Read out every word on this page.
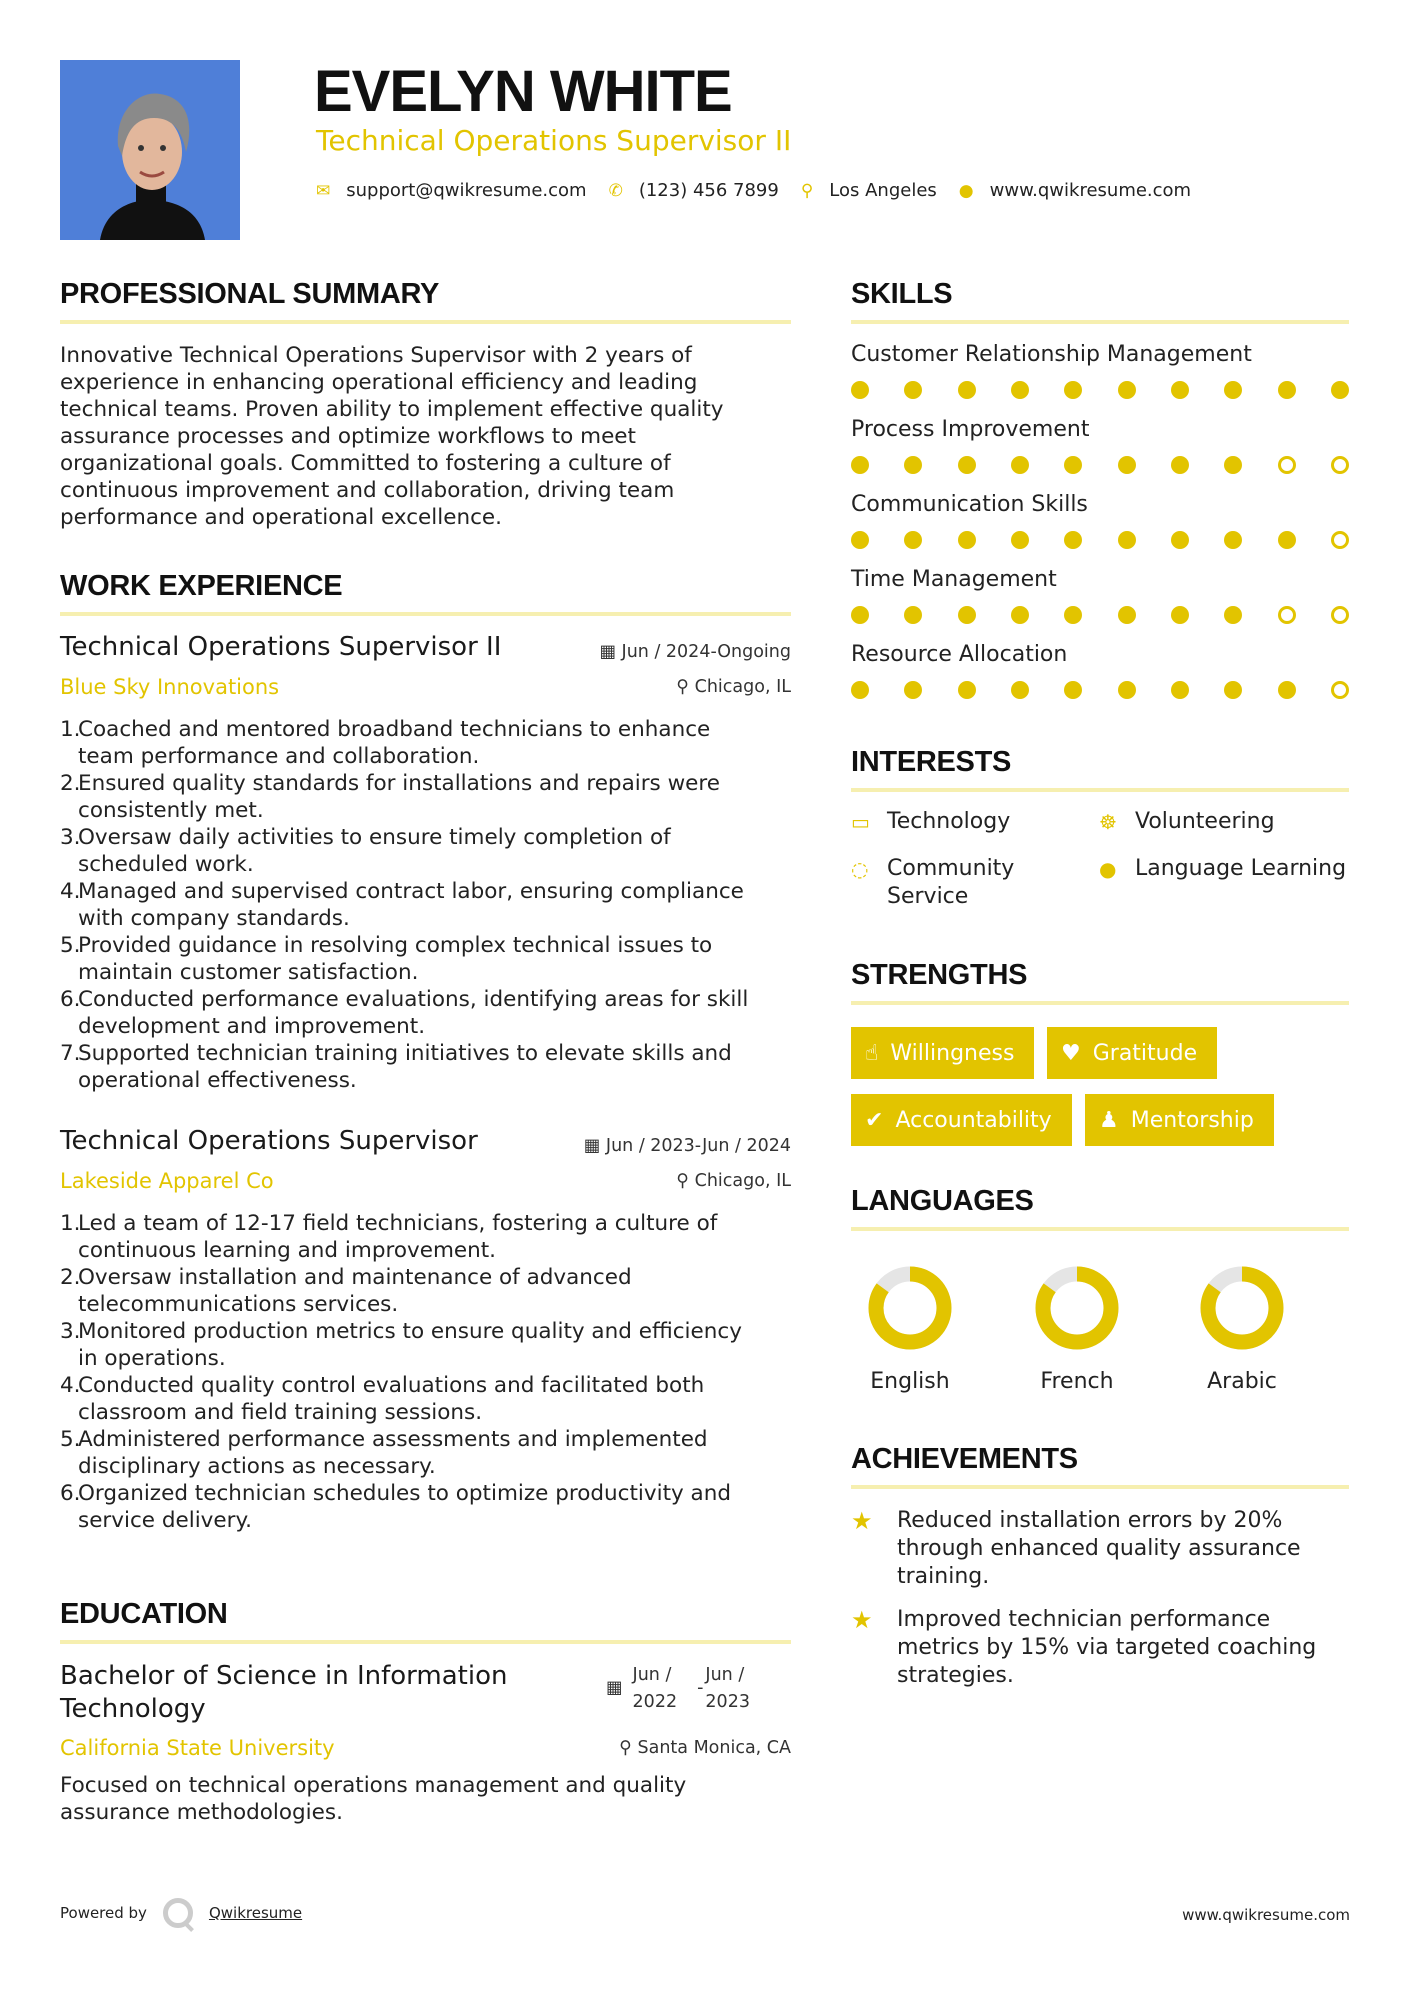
EVELYN WHITE
Technical Operations Supervisor II
✉ support@qwikresume.com ✆ (123) 456 7899 ⚲ Los Angeles ● www.qwikresume.com
PROFESSIONAL SUMMARY
Innovative Technical Operations Supervisor with 2 years of
experience in enhancing operational efficiency and leading
technical teams. Proven ability to implement effective quality
assurance processes and optimize workflows to meet
organizational goals. Committed to fostering a culture of
continuous improvement and collaboration, driving team
performance and operational excellence.
WORK EXPERIENCE
Technical Operations Supervisor II	▦ Jun / 2024-Ongoing
Blue Sky Innovations	⚲ Chicago, IL
1.
Coached and mentored broadband technicians to enhance
team performance and collaboration.
2.
Ensured quality standards for installations and repairs were
consistently met.
3.
Oversaw daily activities to ensure timely completion of
scheduled work.
4.
Managed and supervised contract labor, ensuring compliance
with company standards.
5.
Provided guidance in resolving complex technical issues to
maintain customer satisfaction.
6.
Conducted performance evaluations, identifying areas for skill
development and improvement.
7.
Supported technician training initiatives to elevate skills and
operational effectiveness.
Technical Operations Supervisor	▦ Jun / 2023-Jun / 2024
Lakeside Apparel Co	⚲ Chicago, IL
1.
Led a team of 12-17 field technicians, fostering a culture of
continuous learning and improvement.
2.
Oversaw installation and maintenance of advanced
telecommunications services.
3.
Monitored production metrics to ensure quality and efficiency
in operations.
4.
Conducted quality control evaluations and facilitated both
classroom and field training sessions.
5.
Administered performance assessments and implemented
disciplinary actions as necessary.
6.
Organized technician schedules to optimize productivity and
service delivery.
EDUCATION
Bachelor of Science in Information
Technology
▦
Jun /
2022
-
Jun /
2023
California State University	⚲ Santa Monica, CA
Focused on technical operations management and quality
assurance methodologies.
SKILLS
Customer Relationship Management
Process Improvement
Communication Skills
Time Management
Resource Allocation
INTERESTS
▭ Technology	☸ Volunteering
◌ Community
Service
● Language Learning
STRENGTHS
☝ Willingness ♥ Gratitude
✔ Accountability ♟ Mentorship
LANGUAGES
English	French	Arabic
ACHIEVEMENTS
★	Reduced installation errors by 20%
through enhanced quality assurance
training.
★	Improved technician performance
metrics by 15% via targeted coaching
strategies.
Powered by	Qwikresume	www.qwikresume.com
